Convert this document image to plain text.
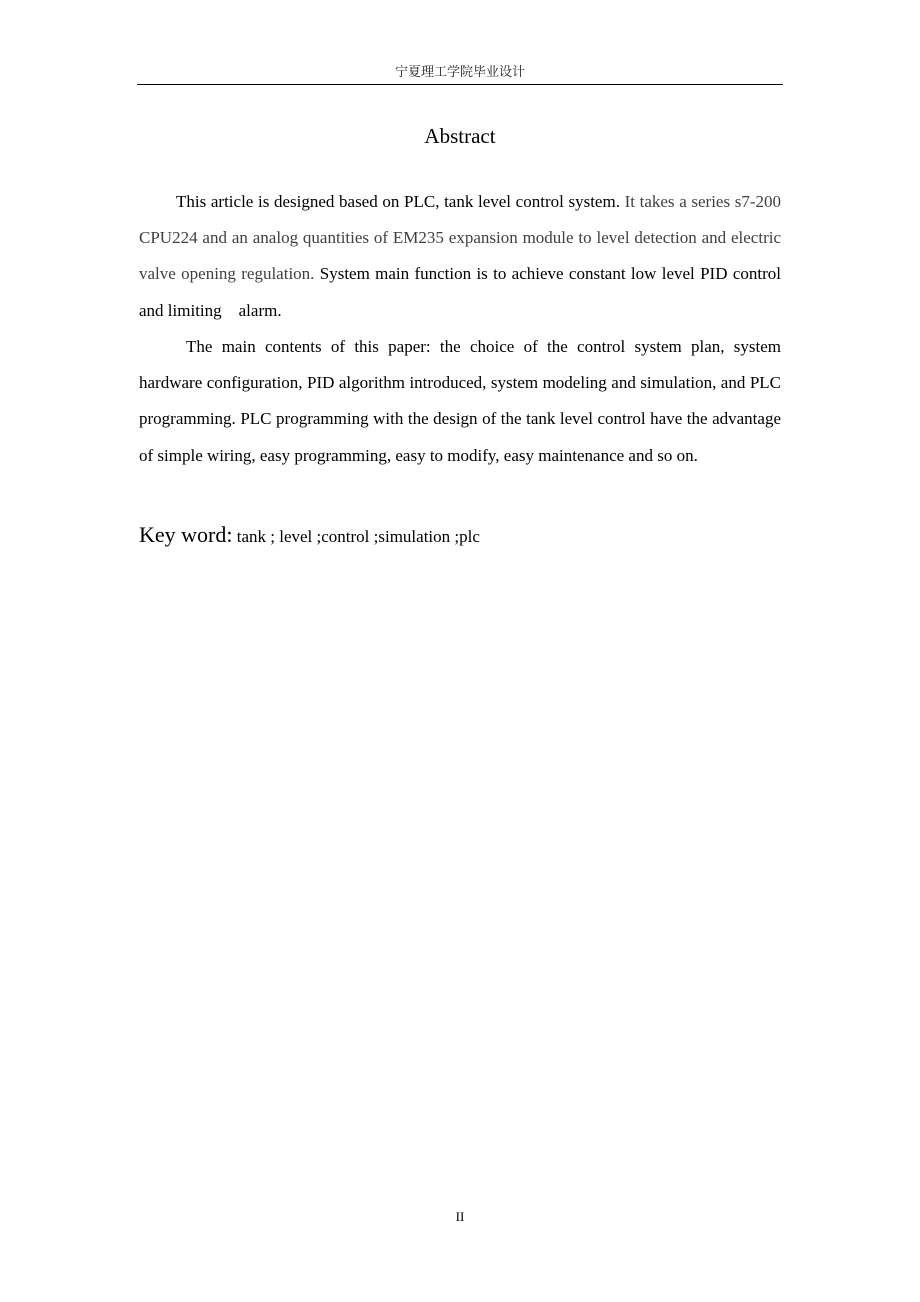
宁夏理工学院毕业设计
Abstract

This article is designed based on PLC, tank level control system. It takes a series s7-200 CPU224 and an analog quantities of EM235 expansion module to level detection and electric valve opening regulation. System main function is to achieve constant low level PID control and limiting    alarm.

The main contents of this paper: the choice of the control system plan, system hardware configuration, PID algorithm introduced, system modeling and simulation, and PLC programming. PLC programming with the design of the tank level control have the advantage of simple wiring, easy programming, easy to modify, easy maintenance and so on.

Key word: tank ; level ;control ;simulation ;plc
II
